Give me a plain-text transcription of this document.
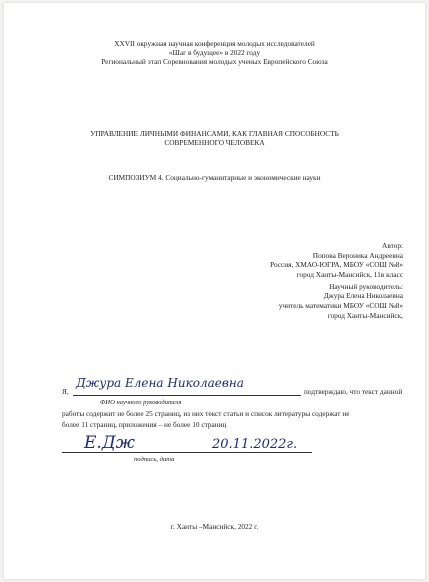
XXVII окружная научная конференция молодых исследователей
«Шаг в будущее» в 2022 году
Региональный этап Соревнования молодых ученых Европейского Союза
УПРАВЛЕНИЕ ЛИЧНЫМИ ФИНАНСАМИ, КАК ГЛАВНАЯ СПОСОБНОСТЬ
СОВРЕМЕННОГО ЧЕЛОВЕКА
СИМПОЗИУМ 4. Социально-гуманитарные и экономические науки
Автор:
Попова Вероника Андреевна
Россия, ХМАО-ЮГРА, МБОУ «СОШ №8»
город Ханты-Мансийск, 11в класс
Научный руководитель:
Джура Елена Николаевна
учитель математики МБОУ «СОШ №8»
город Ханты-Мансийск,
Я,
Джура Елена Николаевна
подтверждаю, что текст данной
ФИО научного руководителя
работы содержит не более 25 страниц, из них текст статьи и список литературы содержат не
более 11 страниц, приложения – не более 10 страниц
Е.Дж	20.11.2022г.
подпись, дата
г. Ханты –Мансийск, 2022 г.
